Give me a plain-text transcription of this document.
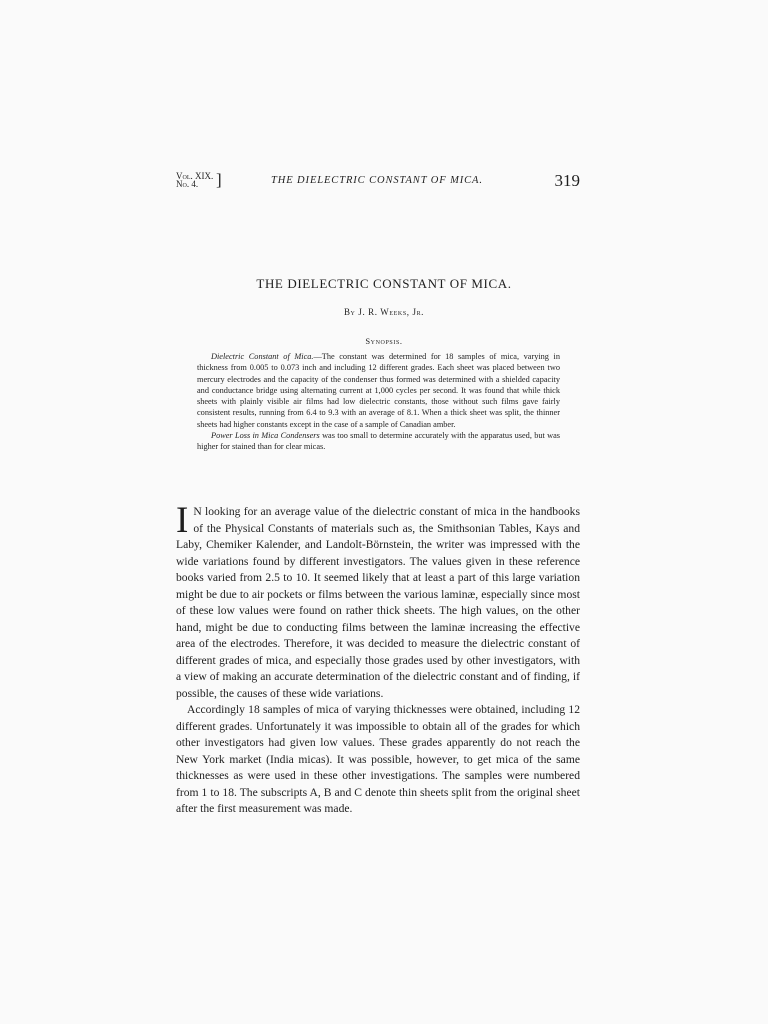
Vol. XIX.
No. 4.	]	THE DIELECTRIC CONSTANT OF MICA.	319
THE DIELECTRIC CONSTANT OF MICA.
By J. R. Weeks, Jr.
Synopsis.

Dielectric Constant of Mica.—The constant was determined for 18 samples of mica, varying in thickness from 0.005 to 0.073 inch and including 12 different grades. Each sheet was placed between two mercury electrodes and the capacity of the condenser thus formed was determined with a shielded capacity and conductance bridge using alternating current at 1,000 cycles per second. It was found that while thick sheets with plainly visible air films had low dielectric constants, those without such films gave fairly consistent results, running from 6.4 to 9.3 with an average of 8.1. When a thick sheet was split, the thinner sheets had higher constants except in the case of a sample of Canadian amber.

Power Loss in Mica Condensers was too small to determine accurately with the apparatus used, but was higher for stained than for clear micas.

I N looking for an average value of the dielectric constant of mica in the handbooks of the Physical Constants of materials such as, the Smithsonian Tables, Kays and Laby, Chemiker Kalender, and Landolt-Börnstein, the writer was impressed with the wide variations found by different investigators. The values given in these reference books varied from 2.5 to 10. It seemed likely that at least a part of this large variation might be due to air pockets or films between the various laminæ, especially since most of these low values were found on rather thick sheets. The high values, on the other hand, might be due to conducting films between the laminæ increasing the effective area of the electrodes. Therefore, it was decided to measure the dielectric constant of different grades of mica, and especially those grades used by other investigators, with a view of making an accurate determination of the dielectric constant and of finding, if possible, the causes of these wide variations.

Accordingly 18 samples of mica of varying thicknesses were obtained, including 12 different grades. Unfortunately it was impossible to obtain all of the grades for which other investigators had given low values. These grades apparently do not reach the New York market (India micas). It was possible, however, to get mica of the same thicknesses as were used in these other investigations. The samples were numbered from 1 to 18. The subscripts A, B and C denote thin sheets split from the original sheet after the first measurement was made.
